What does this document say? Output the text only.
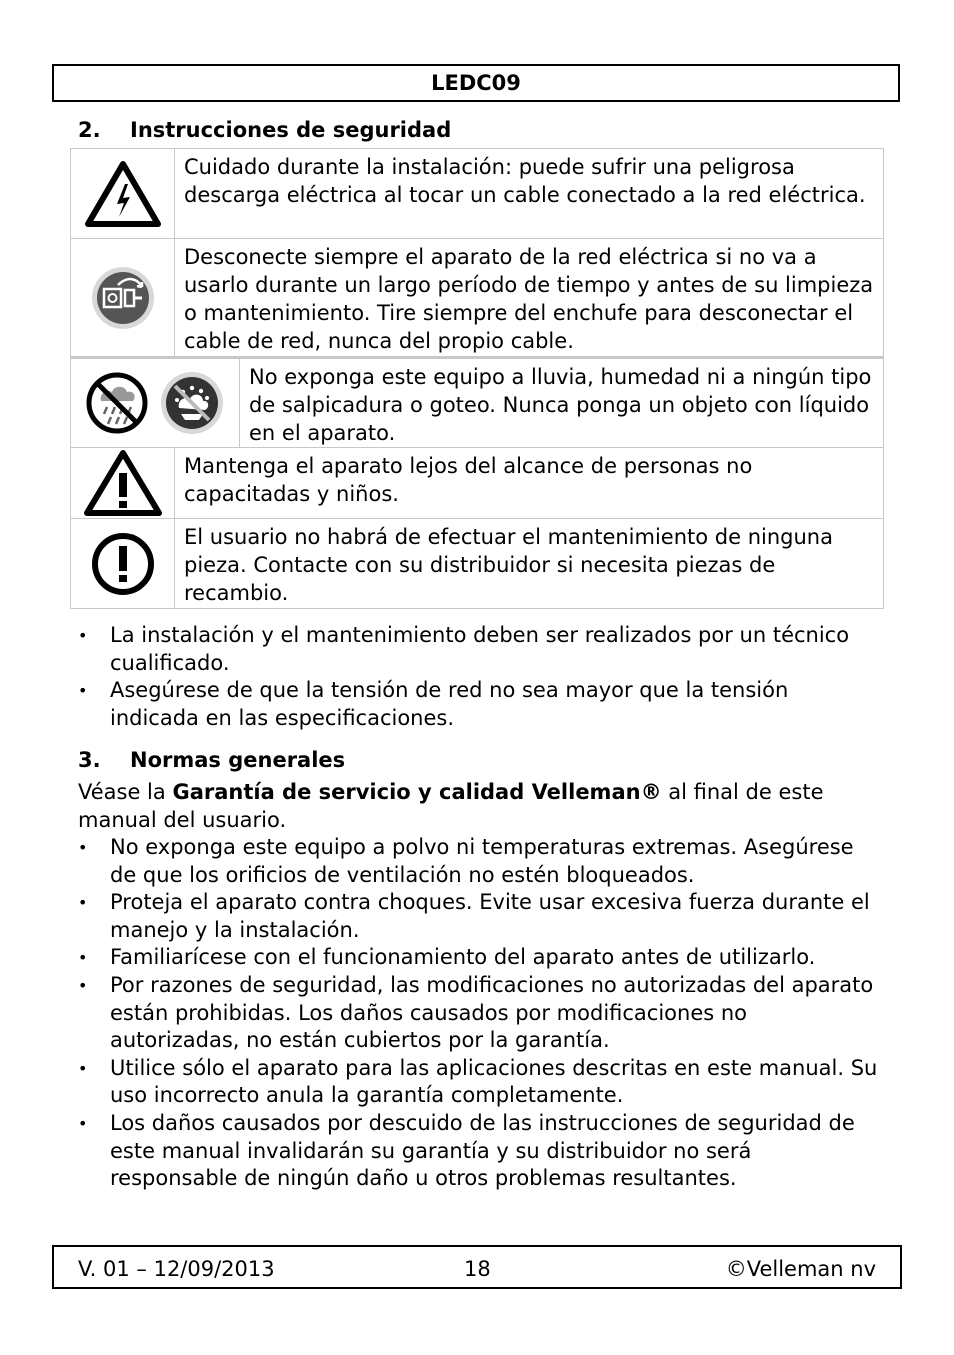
LEDC09
2.	Instrucciones de seguridad
Cuidado durante la instalación: puede sufrir una peligrosa descarga eléctrica al tocar un cable conectado a la red eléctrica.
Desconecte siempre el aparato de la red eléctrica si no va a usarlo durante un largo período de tiempo y antes de su limpieza o mantenimiento. Tire siempre del enchufe para desconectar el cable de red, nunca del propio cable.
No exponga este equipo a lluvia, humedad ni a ningún tipo de salpicadura o goteo. Nunca ponga un objeto con líquido en el aparato.
Mantenga el aparato lejos del alcance de personas no capacitadas y niños.
El usuario no habrá de efectuar el mantenimiento de ninguna pieza. Contacte con su distribuidor si necesita piezas de recambio.
• La instalación y el mantenimiento deben ser realizados por un técnico cualificado.
• Asegúrese de que la tensión de red no sea mayor que la tensión indicada en las especificaciones.
3.	Normas generales
Véase la Garantía de servicio y calidad Velleman® al final de este manual del usuario.
• No exponga este equipo a polvo ni temperaturas extremas. Asegúrese de que los orificios de ventilación no estén bloqueados.
• Proteja el aparato contra choques. Evite usar excesiva fuerza durante el manejo y la instalación.
• Familiarícese con el funcionamiento del aparato antes de utilizarlo.
• Por razones de seguridad, las modificaciones no autorizadas del aparato están prohibidas. Los daños causados por modificaciones no autorizadas, no están cubiertos por la garantía.
• Utilice sólo el aparato para las aplicaciones descritas en este manual. Su uso incorrecto anula la garantía completamente.
• Los daños causados por descuido de las instrucciones de seguridad de este manual invalidarán su garantía y su distribuidor no será responsable de ningún daño u otros problemas resultantes.
V. 01 – 12/09/2013	18	©Velleman nv
